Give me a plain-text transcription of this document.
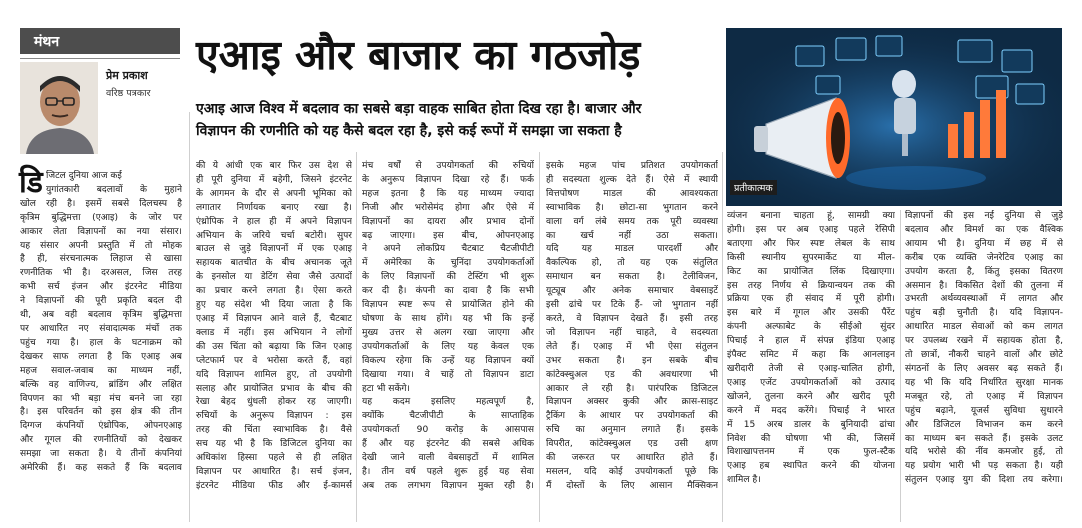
मंथन
प्रेम प्रकाश
वरिष्ठ पत्रकार
एआइ और बाजार का गठजोड़
एआइ आज विश्व में बदलाव का सबसे बड़ा वाहक साबित होता दिख रहा है। बाजार और
विज्ञापन की रणनीति को यह कैसे बदल रहा है, इसे कई रूपों में समझा जा सकता है
प्रतीकात्मक
डि जिटल दुनिया आज कई
युगांतकारी बदलावों के मुहाने
खोल रही है। इसमें सबसे दिलचस्प है
कृत्रिम बुद्धिमत्ता (एआइ) के जोर पर
आकार लेता विज्ञापनों का नया संसार।
यह संसार अपनी प्रस्तुति में तो मोहक
है ही, संरचनात्मक लिहाज से खासा
रणनीतिक भी है। दरअसल, जिस तरह
कभी सर्च इंजन और इंटरनेट मीडिया
ने विज्ञापनों की पूरी प्रकृति बदल दी
थी, अब वही बदलाव कृत्रिम बुद्धिमत्ता
पर आधारित नए संवादात्मक मंचों तक
पहुंच गया है। हाल के घटनाक्रम को
देखकर साफ लगता है कि एआइ अब
महज सवाल-जवाब का माध्यम नहीं,
बल्कि वह वाणिज्य, ब्रांडिंग और लक्षित
विपणन का भी बड़ा मंच बनने जा रहा
है। इस परिवर्तन को इस क्षेत्र की तीन
दिग्गज कंपनियों एंथ्रोपिक, ओपनएआइ
और गूगल की रणनीतियों को देखकर
समझा जा सकता है। ये तीनों कंपनियां
अमेरिकी हैं। कह सकते हैं कि बदलाव
की ये आंधी एक बार फिर उस देश से
ही पूरी दुनिया में बहेगी, जिसने इंटरनेट
के आगमन के दौर से अपनी भूमिका को
लगातार निर्णायक बनाए रखा है।
एंथ्रोपिक ने हाल ही में अपने विज्ञापन
अभियान के जरिये चर्चा बटोरी। सुपर
बाउल से जुड़े विज्ञापनों में एक एआइ
सहायक बातचीत के बीच अचानक जूते
के इनसोल या डेटिंग सेवा जैसे उत्पादों
का प्रचार करने लगता है। ऐसा करते
हुए यह संदेश भी दिया जाता है कि
एआइ में विज्ञापन आने वाले हैं, चैटबाट
क्लाड में नहीं। इस अभियान ने लोगों
की उस चिंता को बढ़ाया कि जिन एआइ
प्लेटफार्म पर वे भरोसा करते हैं, वहां
यदि विज्ञापन शामिल हुए, तो उपयोगी
सलाह और प्रायोजित प्रभाव के बीच की
रेखा बेहद धुंधली होकर रह जाएगी।
रुचियों के अनुरूप विज्ञापन : इस
तरह की चिंता स्वाभाविक है। वैसे
सच यह भी है कि डिजिटल दुनिया का
अधिकांश हिस्सा पहले से ही लक्षित
विज्ञापन पर आधारित है। सर्च इंजन,
इंटरनेट मीडिया फीड और ई-कामर्स
मंच वर्षों से उपयोगकर्ता की रुचियों
के अनुरूप विज्ञापन दिखा रहे हैं। फर्क
महज इतना है कि यह माध्यम ज्यादा
निजी और भरोसेमंद होगा और ऐसे में
विज्ञापनों का दायरा और प्रभाव दोनों
बढ़ जाएगा। इस बीच, ओपनएआइ
ने अपने लोकप्रिय चैटबाट चैटजीपीटी
में अमेरिका के चुनिंदा उपयोगकर्ताओं
के लिए विज्ञापनों की टेस्टिंग भी शुरू
कर दी है। कंपनी का दावा है कि सभी
विज्ञापन स्पष्ट रूप से प्रायोजित होने की
घोषणा के साथ होंगे। यह भी कि इन्हें
मुख्य उत्तर से अलग रखा जाएगा और
उपयोगकर्ताओं के लिए यह केवल एक
विकल्प रहेगा कि उन्हें यह विज्ञापन क्यों
दिखाया गया। वे चाहें तो विज्ञापन डाटा
हटा भी सकेंगे।
यह कदम इसलिए महत्वपूर्ण है,
क्योंकि चैटजीपीटी के साप्ताहिक
उपयोगकर्ता 90 करोड़ के आसपास
हैं और यह इंटरनेट की सबसे अधिक
देखी जाने वाली वेबसाइटों में शामिल
है। तीन वर्ष पहले शुरू हुई यह सेवा
अब तक लगभग विज्ञापन मुक्त रही है।
इसके महज पांच प्रतिशत उपयोगकर्ता
ही सदस्यता शुल्क देते हैं। ऐसे में स्थायी
वित्तपोषण माडल की आवश्यकता
स्वाभाविक है। छोटा-सा भुगतान करने
वाला वर्ग लंबे समय तक पूरी व्यवस्था
का खर्च नहीं उठा सकता।
यदि यह माडल पारदर्शी और
वैकल्पिक हो, तो यह एक संतुलित
समाधान बन सकता है। टेलीविजन,
यूट्यूब और अनेक समाचार वेबसाइटें
इसी ढांचे पर टिके हैं- जो भुगतान नहीं
करते, वे विज्ञापन देखते हैं। इसी तरह
जो विज्ञापन नहीं चाहते, वे सदस्यता
लेते हैं। एआइ में भी ऐसा संतुलन
उभर सकता है। इन सबके बीच
कांटेक्स्चुअल एड की अवधारणा भी
आकार ले रही है। पारंपरिक डिजिटल
विज्ञापन अक्सर कुकी और क्रास-साइट
ट्रैकिंग के आधार पर उपयोगकर्ता की
रुचि का अनुमान लगाते हैं। इसके
विपरीत, कांटेक्स्चुअल एड उसी क्षण
की जरूरत पर आधारित होते हैं।
मसलन, यदि कोई उपयोगकर्ता पूछे कि
मैं दोस्तों के लिए आसान मैक्सिकन
व्यंजन बनाना चाहता हूं, सामग्री क्या
होगी। इस पर अब एआइ पहले रेसिपी
बताएगा और फिर स्पष्ट लेबल के साथ
किसी स्थानीय सुपरमार्केट या मील-
किट का प्रायोजित लिंक दिखाएगा।
इस तरह निर्णय से क्रियान्वयन तक की
प्रक्रिया एक ही संवाद में पूरी होगी।
इस बारे में गूगल और उसकी पैरेंट
कंपनी अल्फाबेट के सीईओ सुंदर
पिचाई ने हाल में संपन्न इंडिया एआइ
इंपैक्ट समिट में कहा कि आनलाइन
खरीदारी तेजी से एआइ-चालित होगी,
एआइ एजेंट उपयोगकर्ताओं को उत्पाद
खोजने, तुलना करने और खरीद पूरी
करने में मदद करेंगे। पिचाई ने भारत
में 15 अरब डालर के बुनियादी ढांचा
निवेश की घोषणा भी की, जिसमें
विशाखापत्तनम में एक फुल-स्टैक
एआइ हब स्थापित करने की योजना
शामिल है।
विज्ञापनों की इस नई दुनिया से जुड़े
बदलाव और विमर्श का एक वैश्विक
आयाम भी है। दुनिया में छह में से
करीब एक व्यक्ति जेनरेटिव एआइ का
उपयोग करता है, किंतु इसका वितरण
असमान है। विकसित देशों की तुलना में
उभरती अर्थव्यवस्थाओं में लागत और
पहुंच बड़ी चुनौती है। यदि विज्ञापन-
आधारित माडल सेवाओं को कम लागत
पर उपलब्ध रखने में सहायक होता है,
तो छात्रों, नौकरी चाहने वालों और छोटे
संगठनों के लिए अवसर बढ़ सकते हैं।
यह भी कि यदि निर्धारित सुरक्षा मानक
मजबूत रहे, तो एआइ में विज्ञापन
पहुंच बढ़ाने, यूजर्स सुविधा सुधारने
और डिजिटल विभाजन कम करने
का माध्यम बन सकते हैं। इसके उलट
यदि भरोसे की नींव कमजोर हुई, तो
यह प्रयोग भारी भी पड़ सकता है। यही
संतुलन एआइ युग की दिशा तय करेगा।
